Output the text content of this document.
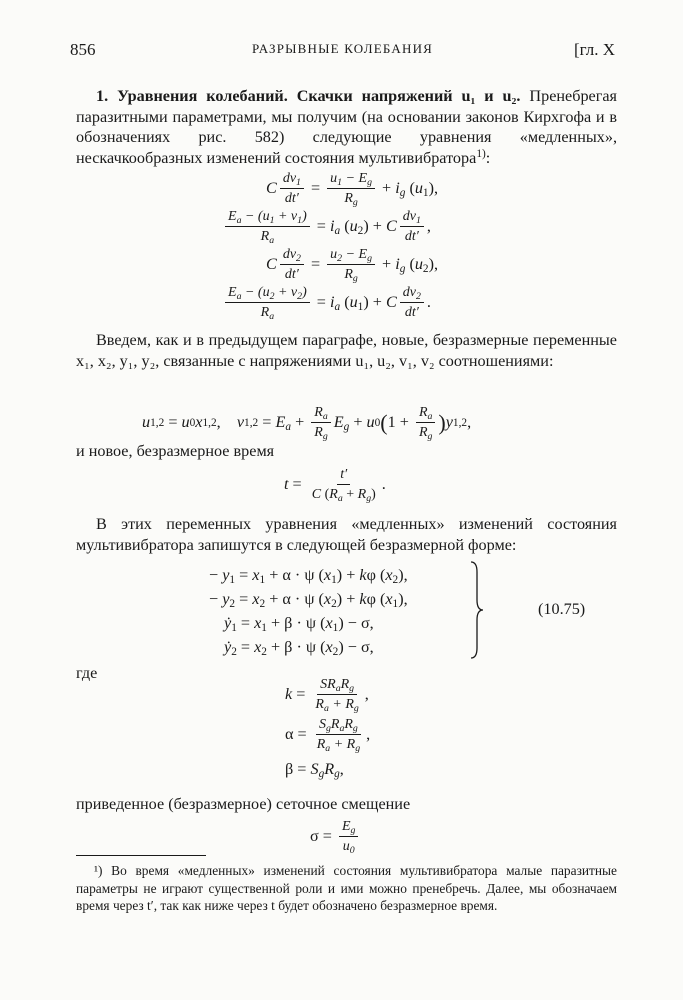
856	РАЗРЫВНЫЕ КОЛЕБАНИЯ	[гл. X
1. Уравнения колебаний. Скачки напряжений u₁ и u₂. Пренебрегая паразитными параметрами, мы получим (на основании законов Кирхгофа и в обозначениях рис. 582) следующие уравнения «медленных», нескачкообразных изменений состояния мультивибратора$^{1)}$:
C $\frac{dv_1}{dt'} = \frac{u_1 - E_g}{R_g} + i_g$ $(u_1)$,
$\frac{E_a - (u_1 + v_1)}{R_a} = i_a$ $(u_2) + C \frac{dv_1}{dt'}$ ,
C $\frac{dv_2}{dt'} = \frac{u_2 - E_g}{R_g} + i_g$ $(u_2)$,
$\frac{E_a - (u_2 + v_2)}{R_a} = i_a$ $(u_1) + C \frac{dv_2}{dt'}$ .
Введем, как и в предыдущем параграфе, новые, безразмерные переменные x₁, x₂, y₁, y₂, связанные с напряжениями u₁, u₂, v₁, v₂ соотношениями:
u 1,2 = u 0 x 1,2 ,
v $1,2 = E_a + \frac{R_a}{R_g} E_g + u$ 0 ( $1 + \frac{R_a}{R_g}$ ) y 1,2 ,
и новое, безразмерное время
$t = \frac{t'}{C (R_a + R_g)}$ .
В этих переменных уравнения «медленных» изменений состояния мультивибратора запишутся в следующей безразмерной форме:
− $y_1 = x_1 + \alpha \cdot \psi$ $(x_1) + k\varphi$ $(x_2)$,
− $y_2 = x_2 + \alpha \cdot \psi$ $(x_2) + k\varphi$ $(x_1)$,
ẏ$_1$ = $x_1 + \beta \cdot \psi$ $(x_1) - \sigma$,
ẏ$_2$ = $x_2 + \beta \cdot \psi$ $(x_2) - \sigma$,
(10.75)
где
$k = \frac{SR_aR_g}{R_a + R_g}$ ,
$\alpha = \frac{S_gR_aR_g}{R_a + R_g}$ ,
$\beta = S_gR_g$,
приведенное (безразмерное) сеточное смещение
$\sigma = \frac{E_g}{u_0}$
¹) Во время «медленных» изменений состояния мультивибратора малые паразитные параметры не играют существенной роли и ими можно пренебречь. Далее, мы обозначаем время через t′, так как ниже через t будет обозначено безразмерное время.
